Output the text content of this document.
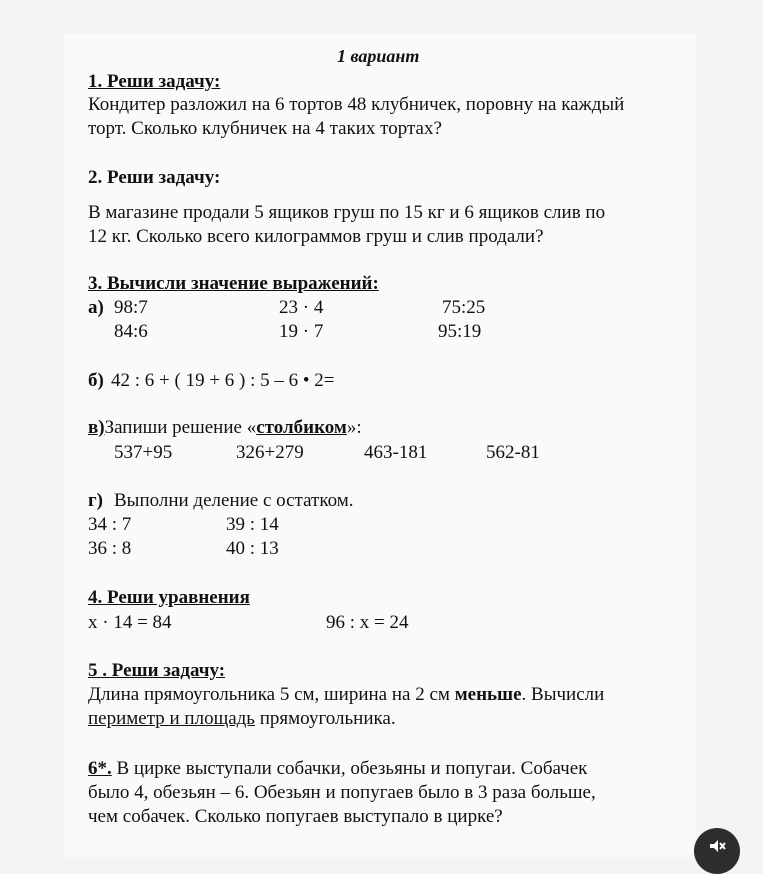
1 вариант
1. Реши задачу:
Кондитер разложил на 6 тортов 48 клубничек, поровну на каждый
торт. Сколько клубничек на 4 таких тортах?
2. Реши задачу:
В магазине продали 5 ящиков груш по 15 кг и 6 ящиков слив по
12 кг. Сколько всего килограммов груш и слив продали?
3. Вычисли значение выражений:
а) 98:7	23 · 4	75:25
84:6	19 · 7	95:19
б) 42 : 6 + ( 19 + 6 ) : 5 – 6 • 2=
в)Запиши решение «столбиком»:
537+95	326+279	463-181	562-81
г) Выполни деление с остатком.
34 : 7	39 : 14
36 : 8	40 : 13
4. Реши уравнения
x · 14 = 84	96 : x = 24
5 . Реши задачу:
Длина прямоугольника 5 см, ширина на 2 см меньше. Вычисли
периметр и площадь прямоугольника.
6*. В цирке выступали собачки, обезьяны и попугаи. Собачек
было 4, обезьян – 6. Обезьян и попугаев было в 3 раза больше,
чем собачек. Сколько попугаев выступало в цирке?
